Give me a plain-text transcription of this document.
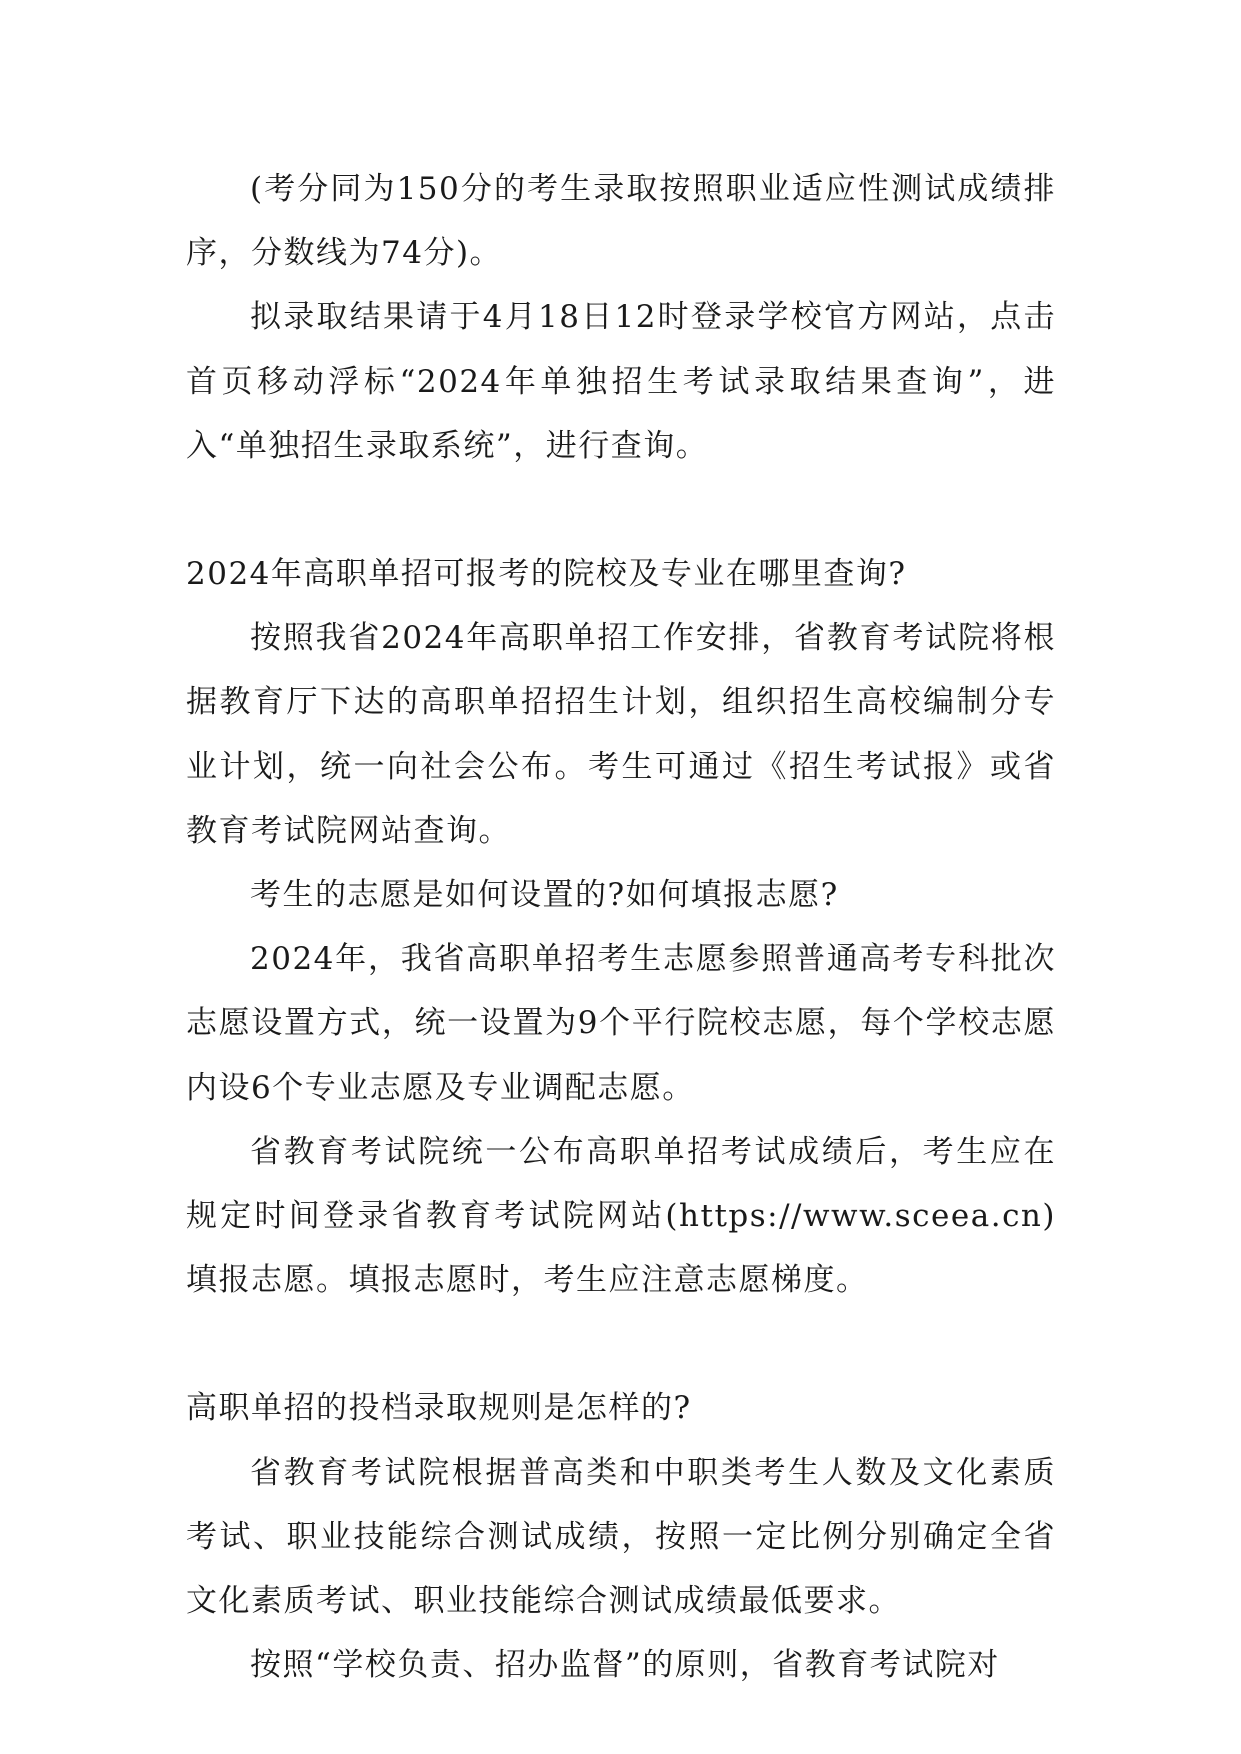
(考分同为150分的考生录取按照职业适应性测试成绩排序，分数线为74分)。

拟录取结果请于4月18日12时登录学校官方网站，点击首页移动浮标“2024年单独招生考试录取结果查询”，进入“单独招生录取系统”，进行查询。

2024年高职单招可报考的院校及专业在哪里查询?

按照我省2024年高职单招工作安排，省教育考试院将根据教育厅下达的高职单招招生计划，组织招生高校编制分专业计划，统一向社会公布。考生可通过《招生考试报》或省教育考试院网站查询。

考生的志愿是如何设置的?如何填报志愿?

2024年，我省高职单招考生志愿参照普通高考专科批次志愿设置方式，统一设置为9个平行院校志愿，每个学校志愿内设6个专业志愿及专业调配志愿。

省教育考试院统一公布高职单招考试成绩后，考生应在规定时间登录省教育考试院网站(https://www.sceea.cn)填报志愿。填报志愿时，考生应注意志愿梯度。

高职单招的投档录取规则是怎样的?

省教育考试院根据普高类和中职类考生人数及文化素质考试、职业技能综合测试成绩，按照一定比例分别确定全省文化素质考试、职业技能综合测试成绩最低要求。

按照“学校负责、招办监督”的原则，省教育考试院对
